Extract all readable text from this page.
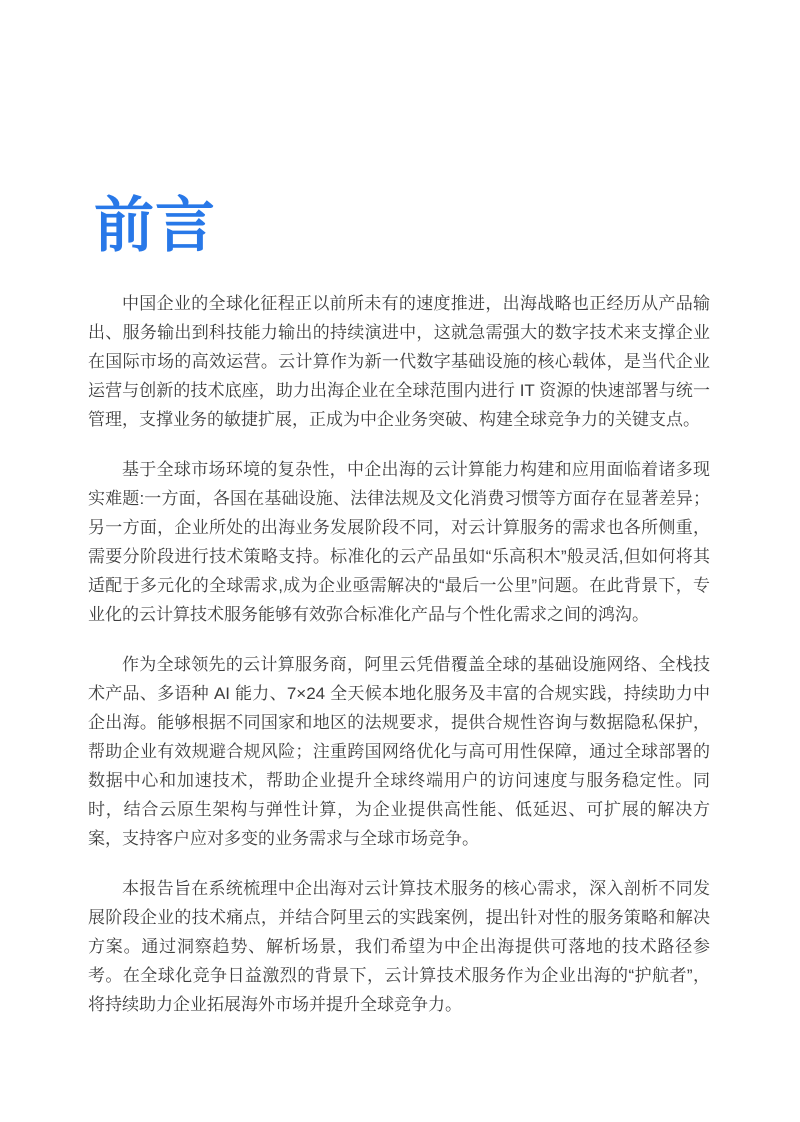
前言

中国企业的全球化征程正以前所未有的速度推进，出海战略也正经历从产品输出、服务输出到科技能力输出的持续演进中，这就急需强大的数字技术来支撑企业在国际市场的高效运营。云计算作为新一代数字基础设施的核心载体，是当代企业运营与创新的技术底座，助力出海企业在全球范围内进行 IT 资源的快速部署与统一管理，支撑业务的敏捷扩展，正成为中企业务突破、构建全球竞争力的关键支点。

基于全球市场环境的复杂性，中企出海的云计算能力构建和应用面临着诸多现实难题:一方面，各国在基础设施、法律法规及文化消费习惯等方面存在显著差异；另一方面，企业所处的出海业务发展阶段不同，对云计算服务的需求也各所侧重，需要分阶段进行技术策略支持。标准化的云产品虽如“乐高积木”般灵活,但如何将其适配于多元化的全球需求,成为企业亟需解决的“最后一公里”问题。在此背景下，专业化的云计算技术服务能够有效弥合标准化产品与个性化需求之间的鸿沟。

作为全球领先的云计算服务商，阿里云凭借覆盖全球的基础设施网络、全栈技术产品、多语种 AI 能力、7×24 全天候本地化服务及丰富的合规实践，持续助力中企出海。能够根据不同国家和地区的法规要求，提供合规性咨询与数据隐私保护，帮助企业有效规避合规风险；注重跨国网络优化与高可用性保障，通过全球部署的数据中心和加速技术，帮助企业提升全球终端用户的访问速度与服务稳定性。同时，结合云原生架构与弹性计算，为企业提供高性能、低延迟、可扩展的解决方案，支持客户应对多变的业务需求与全球市场竞争。

本报告旨在系统梳理中企出海对云计算技术服务的核心需求，深入剖析不同发展阶段企业的技术痛点，并结合阿里云的实践案例，提出针对性的服务策略和解决方案。通过洞察趋势、解析场景，我们希望为中企出海提供可落地的技术路径参考。在全球化竞争日益激烈的背景下，云计算技术服务作为企业出海的“护航者”，将持续助力企业拓展海外市场并提升全球竞争力。
